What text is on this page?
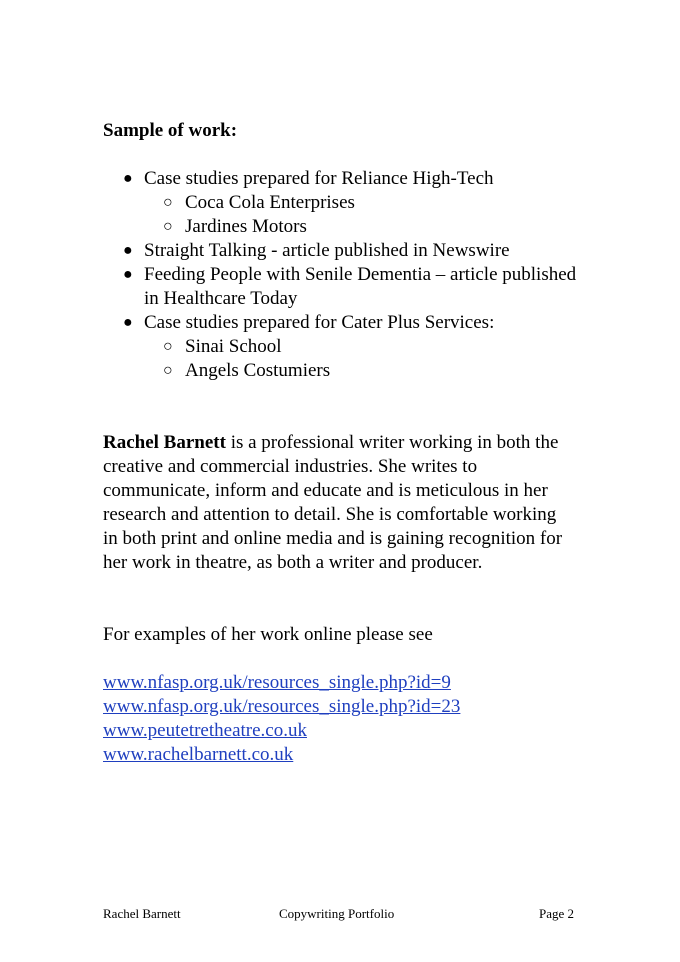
Sample of work:

● Case studies prepared for Reliance High-Tech
○ Coca Cola Enterprises
○ Jardines Motors
● Straight Talking - article published in Newswire
● Feeding People with Senile Dementia – article published in Healthcare Today
● Case studies prepared for Cater Plus Services:
○ Sinai School
○ Angels Costumiers

Rachel Barnett is a professional writer working in both the creative and commercial industries. She writes to communicate, inform and educate and is meticulous in her research and attention to detail. She is comfortable working in both print and online media and is gaining recognition for her work in theatre, as both a writer and producer.

For examples of her work online please see

www.nfasp.org.uk/resources_single.php?id=9
www.nfasp.org.uk/resources_single.php?id=23
www.peutetretheatre.co.uk
www.rachelbarnett.co.uk
Rachel Barnett	Copywriting Portfolio	Page 2
